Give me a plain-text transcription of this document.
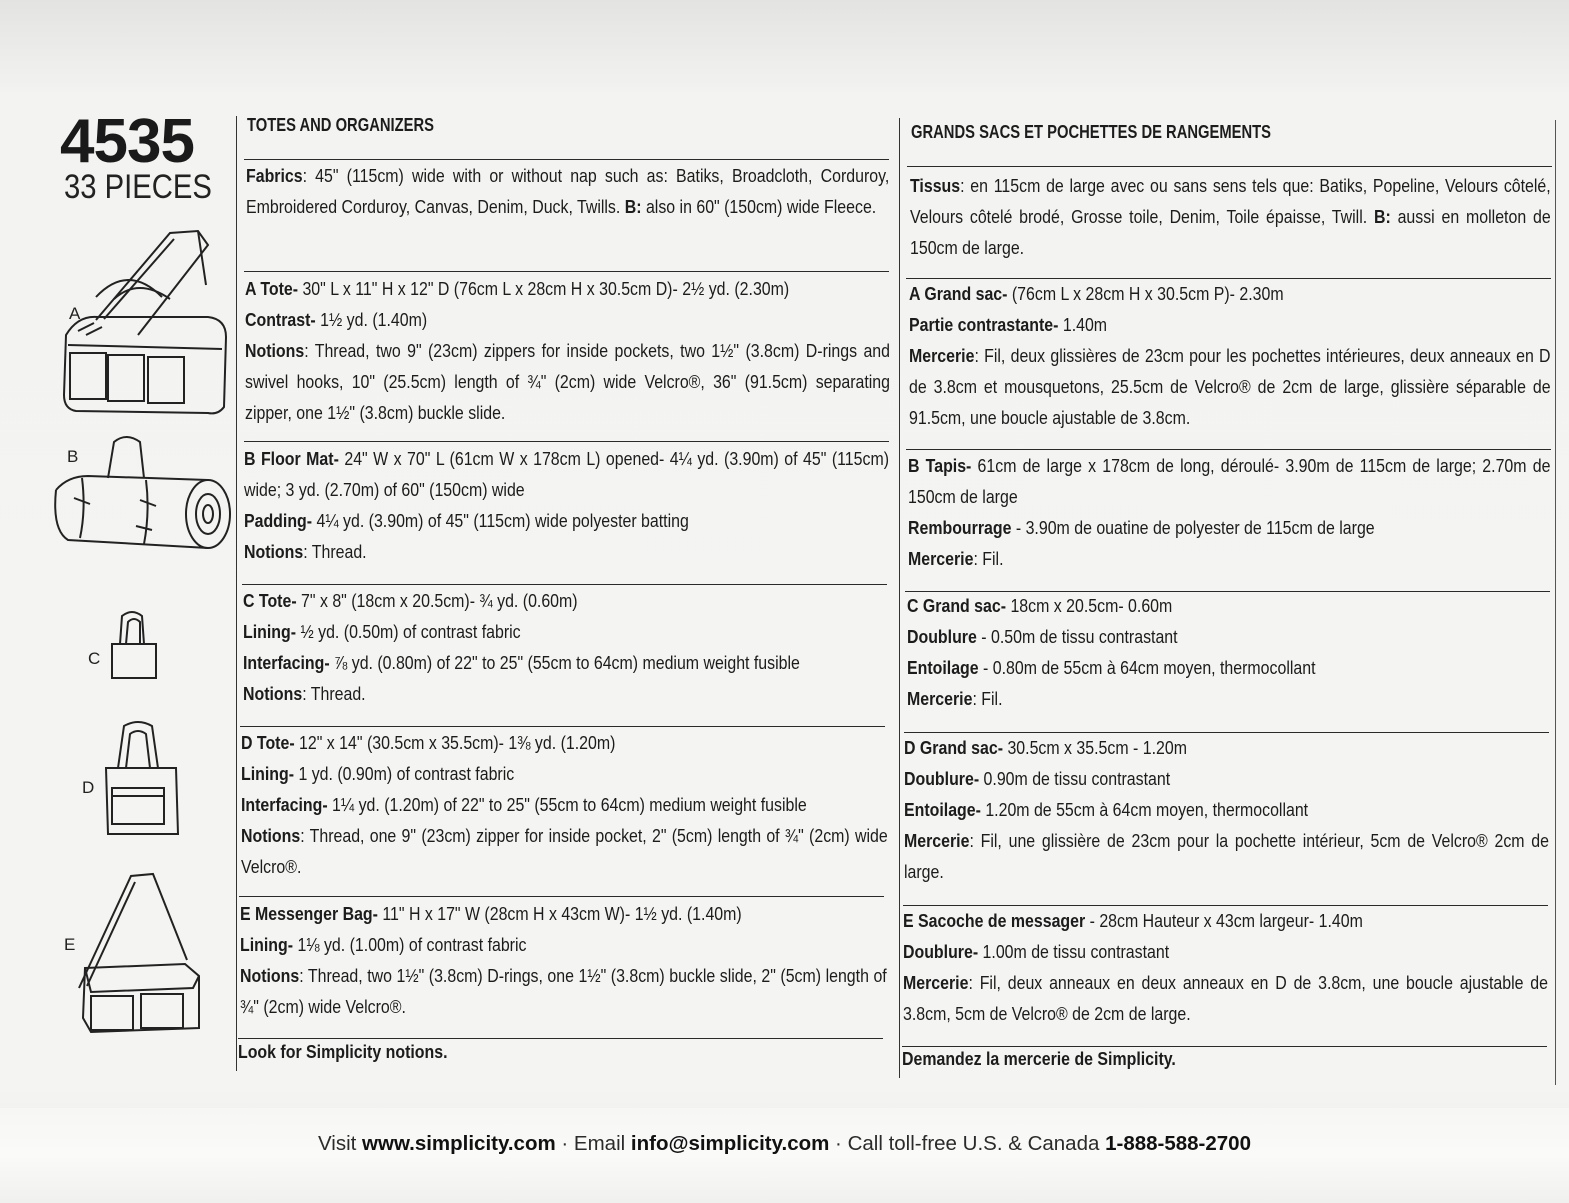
4535
33 PIECES
A
B
C
D
E
TOTES AND ORGANIZERS

Fabrics: 45" (115cm) wide with or without nap such as: Batiks, Broadcloth, Corduroy, Embroidered Corduroy, Canvas, Denim, Duck, Twills. B: also in 60" (150cm) wide Fleece.

A Tote- 30" L x 11" H x 12" D (76cm L x 28cm H x 30.5cm D)- 2½ yd. (2.30m)

Contrast- 1½ yd. (1.40m)

Notions: Thread, two 9" (23cm) zippers for inside pockets, two 1½" (3.8cm) D-rings and swivel hooks, 10" (25.5cm) length of ¾" (2cm) wide Velcro®, 36" (91.5cm) separating zipper, one 1½" (3.8cm) buckle slide.

B Floor Mat- 24" W x 70" L (61cm W x 178cm L) opened- 4¼ yd. (3.90m) of 45" (115cm) wide; 3 yd. (2.70m) of 60" (150cm) wide

Padding- 4¼ yd. (3.90m) of 45" (115cm) wide polyester batting

Notions: Thread.

C Tote- 7" x 8" (18cm x 20.5cm)- ¾ yd. (0.60m)

Lining- ½ yd. (0.50m) of contrast fabric

Interfacing- ⅞ yd. (0.80m) of 22" to 25" (55cm to 64cm) medium weight fusible

Notions: Thread.

D Tote- 12" x 14" (30.5cm x 35.5cm)- 1⅜ yd. (1.20m)

Lining- 1 yd. (0.90m) of contrast fabric

Interfacing- 1¼ yd. (1.20m) of 22" to 25" (55cm to 64cm) medium weight fusible

Notions: Thread, one 9" (23cm) zipper for inside pocket, 2" (5cm) length of ¾" (2cm) wide Velcro®.

E Messenger Bag- 11" H x 17" W (28cm H x 43cm W)- 1½ yd. (1.40m)

Lining- 1⅛ yd. (1.00m) of contrast fabric

Notions: Thread, two 1½" (3.8cm) D-rings, one 1½" (3.8cm) buckle slide, 2" (5cm) length of ¾" (2cm) wide Velcro®.

Look for Simplicity notions.
GRANDS SACS ET POCHETTES DE RANGEMENTS

Tissus: en 115cm de large avec ou sans sens tels que: Batiks, Popeline, Velours côtelé, Velours côtelé brodé, Grosse toile, Denim, Toile épaisse, Twill. B: aussi en molleton de 150cm de large.

A Grand sac- (76cm L x 28cm H x 30.5cm P)- 2.30m

Partie contrastante- 1.40m

Mercerie: Fil, deux glissières de 23cm pour les pochettes intérieures, deux anneaux en D de 3.8cm et mousquetons, 25.5cm de Velcro® de 2cm de large, glissière séparable de 91.5cm, une boucle ajustable de 3.8cm.

B Tapis- 61cm de large x 178cm de long, déroulé- 3.90m de 115cm de large; 2.70m de 150cm de large

Rembourrage - 3.90m de ouatine de polyester de 115cm de large

Mercerie: Fil.

C Grand sac- 18cm x 20.5cm- 0.60m

Doublure - 0.50m de tissu contrastant

Entoilage - 0.80m de 55cm à 64cm moyen, thermocollant

Mercerie: Fil.

D Grand sac- 30.5cm x 35.5cm - 1.20m

Doublure- 0.90m de tissu contrastant

Entoilage- 1.20m de 55cm à 64cm moyen, thermocollant

Mercerie: Fil, une glissière de 23cm pour la pochette intérieur, 5cm de Velcro® 2cm de large.

E Sacoche de messager - 28cm Hauteur x 43cm largeur- 1.40m

Doublure- 1.00m de tissu contrastant

Mercerie: Fil, deux anneaux en deux anneaux en D de 3.8cm, une boucle ajustable de 3.8cm, 5cm de Velcro® de 2cm de large.

Demandez la mercerie de Simplicity.
Visit www.simplicity.com · Email info@simplicity.com · Call toll-free U.S. & Canada 1-888-588-2700
